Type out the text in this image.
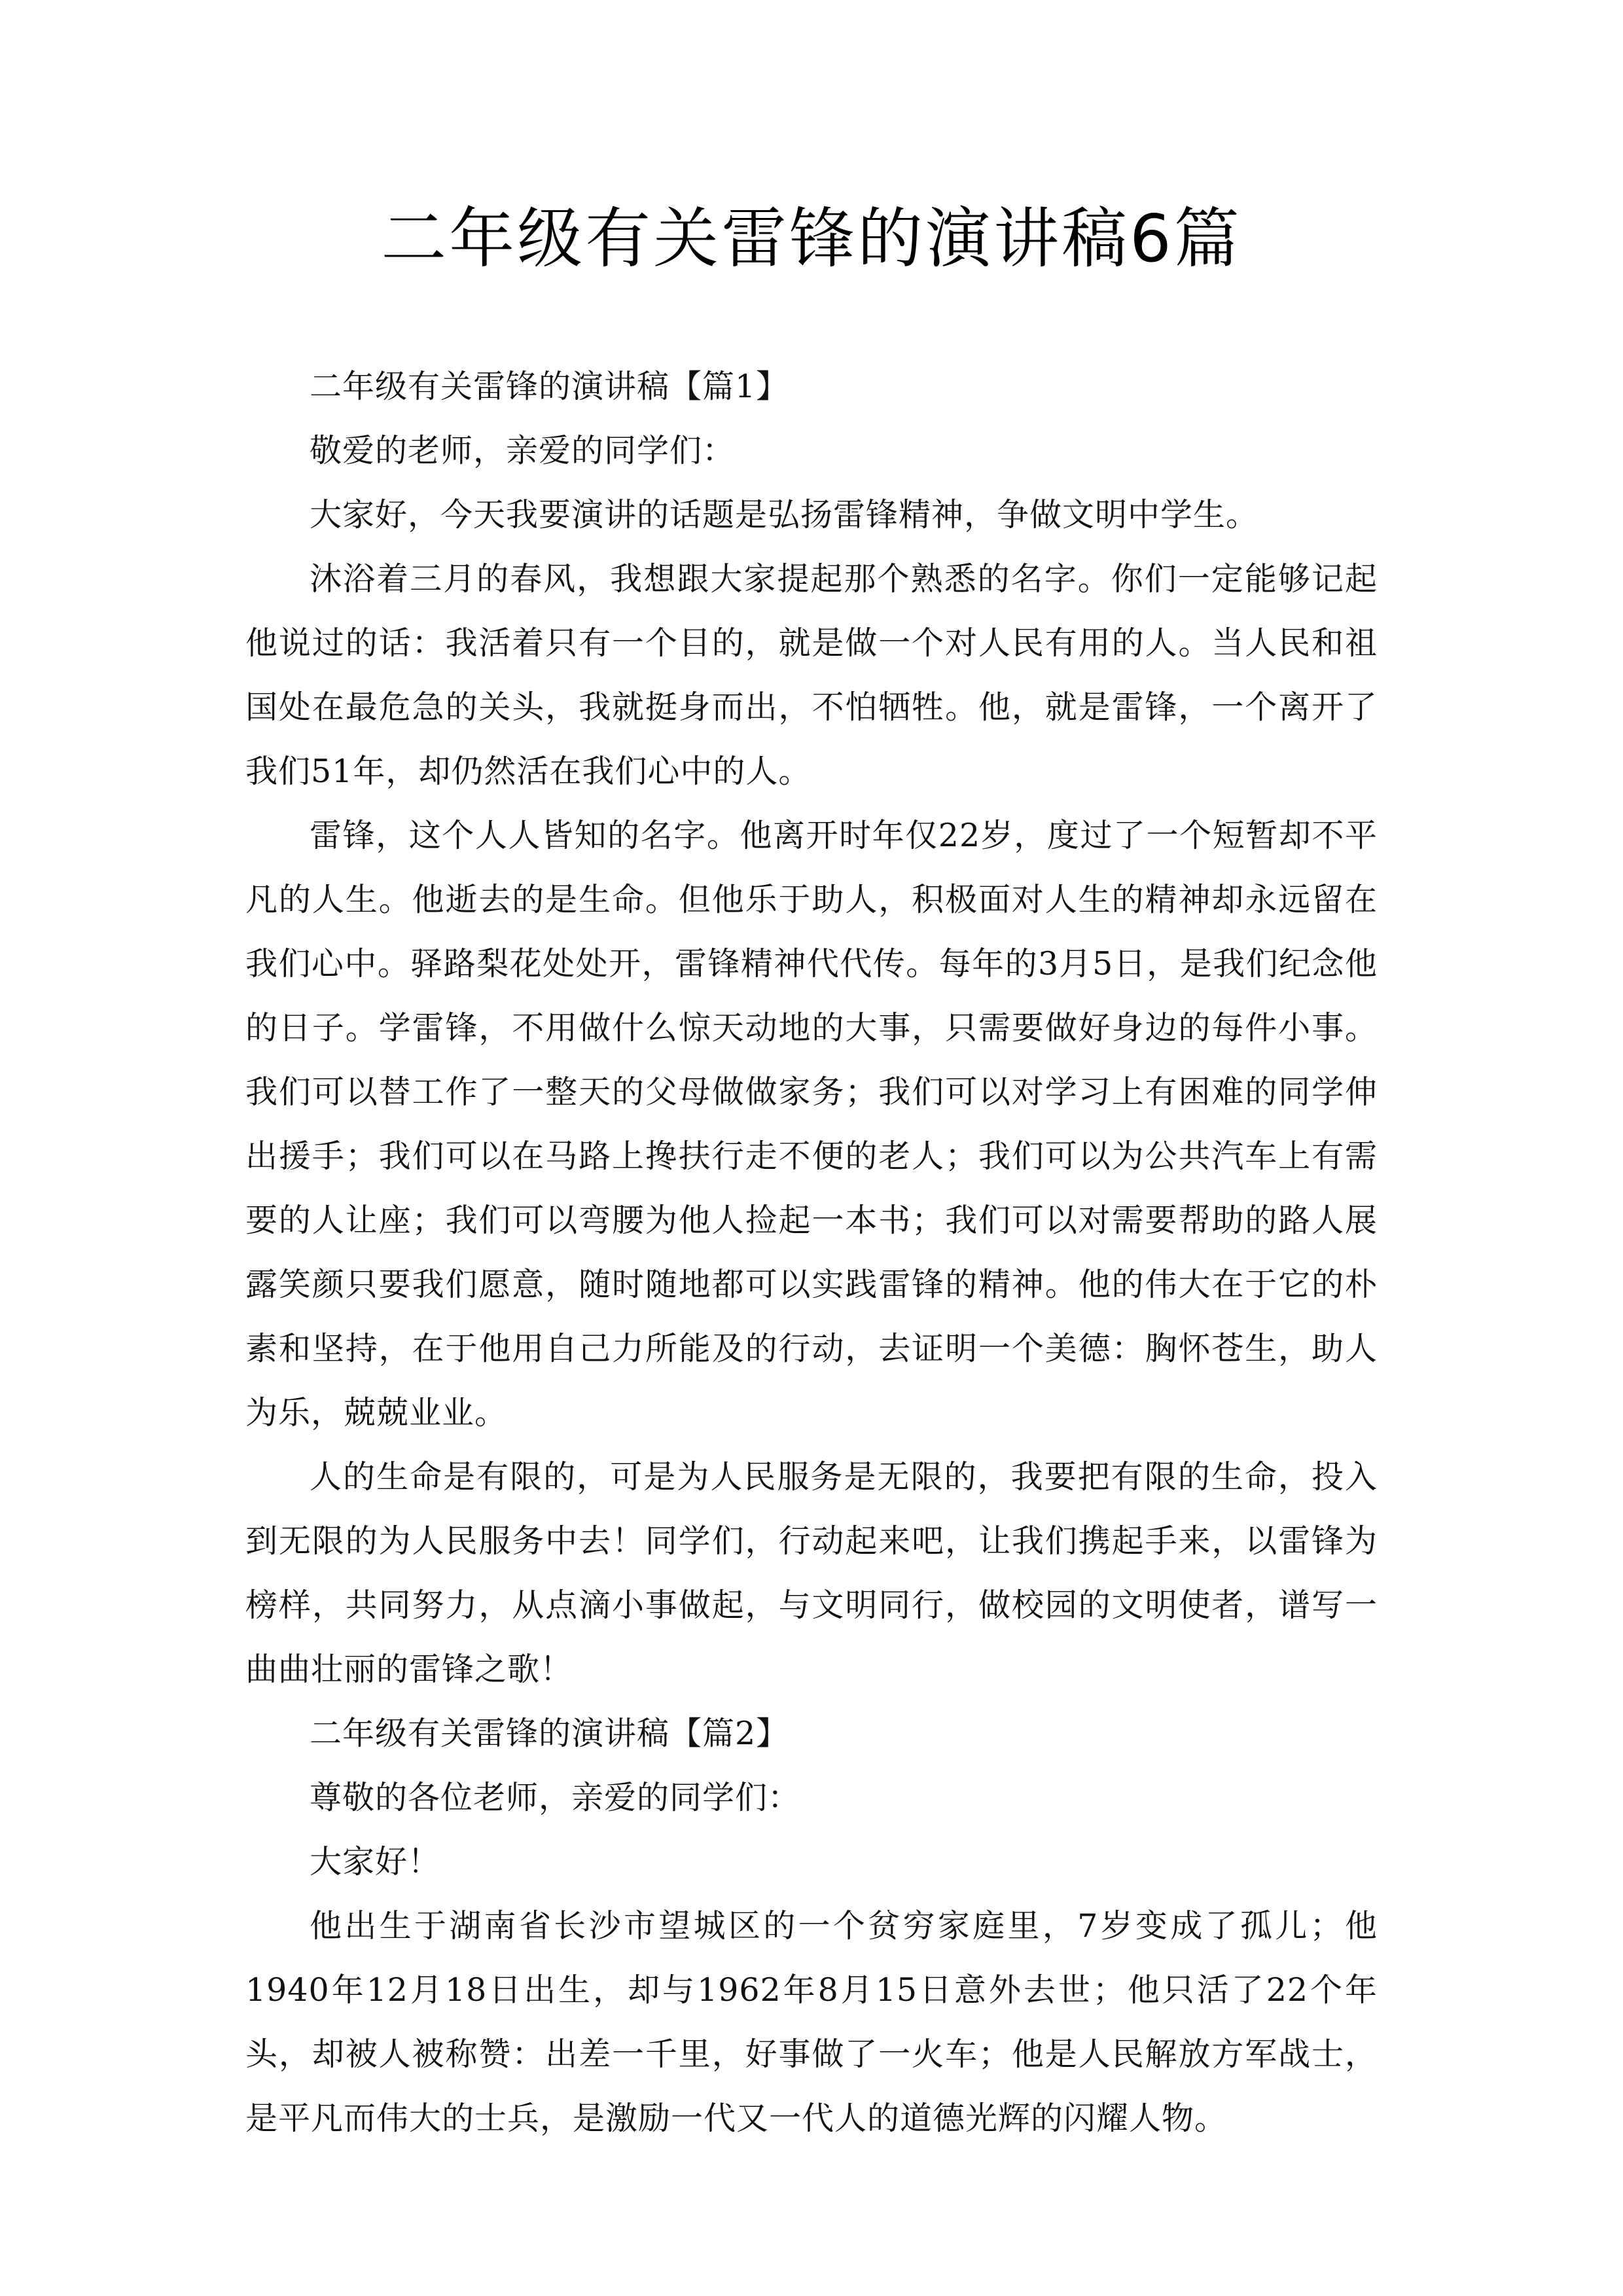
二年级有关雷锋的演讲稿6篇

二年级有关雷锋的演讲稿【篇1】

敬爱的老师，亲爱的同学们：

大家好，今天我要演讲的话题是弘扬雷锋精神，争做文明中学生。

沐浴着三月的春风，我想跟大家提起那个熟悉的名字。你们一定能够记起他说过的话：我活着只有一个目的，就是做一个对人民有用的人。当人民和祖国处在最危急的关头，我就挺身而出，不怕牺牲。他，就是雷锋，一个离开了我们51年，却仍然活在我们心中的人。

雷锋，这个人人皆知的名字。他离开时年仅22岁，度过了一个短暂却不平凡的人生。他逝去的是生命。但他乐于助人，积极面对人生的精神却永远留在我们心中。驿路梨花处处开，雷锋精神代代传。每年的3月5日，是我们纪念他的日子。学雷锋，不用做什么惊天动地的大事，只需要做好身边的每件小事。我们可以替工作了一整天的父母做做家务；我们可以对学习上有困难的同学伸出援手；我们可以在马路上搀扶行走不便的老人；我们可以为公共汽车上有需要的人让座；我们可以弯腰为他人捡起一本书；我们可以对需要帮助的路人展露笑颜只要我们愿意，随时随地都可以实践雷锋的精神。他的伟大在于它的朴素和坚持，在于他用自己力所能及的行动，去证明一个美德：胸怀苍生，助人为乐，兢兢业业。

人的生命是有限的，可是为人民服务是无限的，我要把有限的生命，投入到无限的为人民服务中去！同学们，行动起来吧，让我们携起手来，以雷锋为榜样，共同努力，从点滴小事做起，与文明同行，做校园的文明使者，谱写一曲曲壮丽的雷锋之歌！

二年级有关雷锋的演讲稿【篇2】

尊敬的各位老师，亲爱的同学们：

大家好！

他出生于湖南省长沙市望城区的一个贫穷家庭里，7岁变成了孤儿；他1940年12月18日出生，却与1962年8月15日意外去世；他只活了22个年头，却被人被称赞：出差一千里，好事做了一火车；他是人民解放方军战士，是平凡而伟大的士兵，是激励一代又一代人的道德光辉的闪耀人物。
